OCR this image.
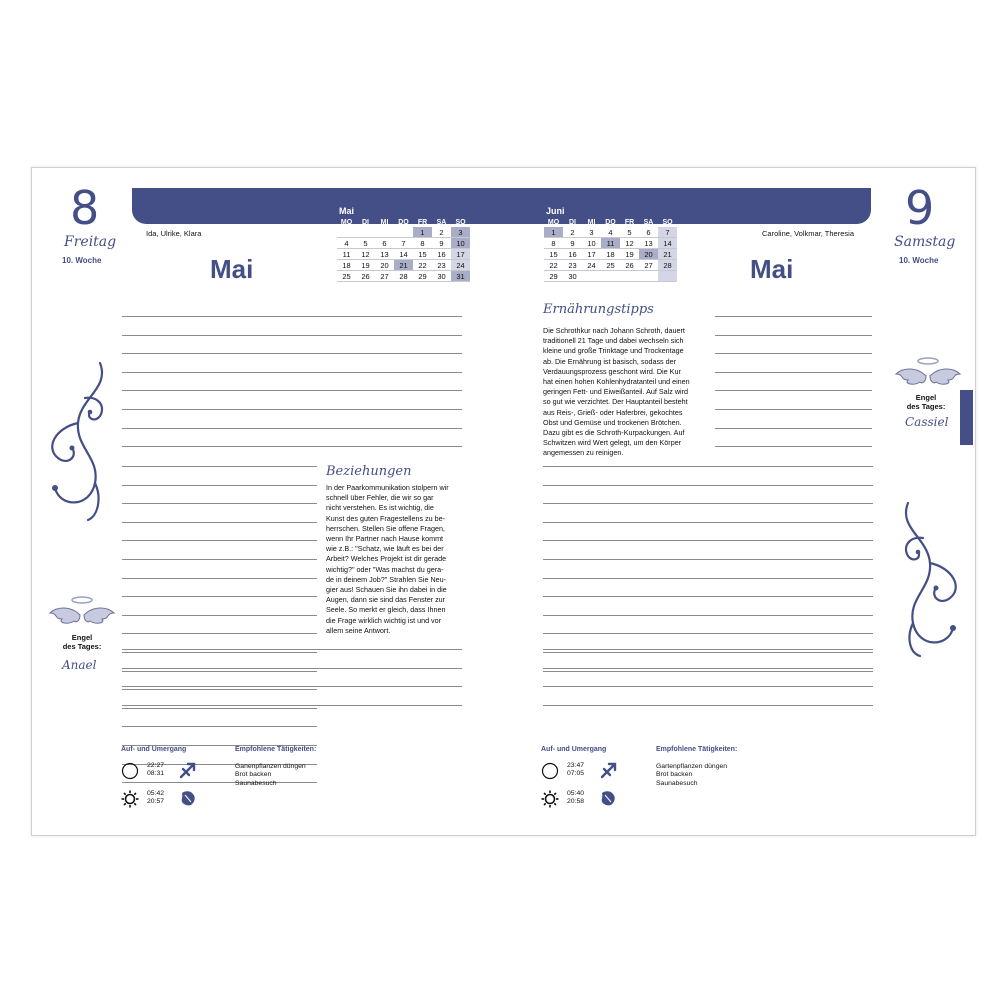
8
Freitag
10. Woche
Ida, Ulrike, Klara
Mai
Mai
MO	DI	MI	DO	FR	SA	SO
				1	2	3
4	5	6	7	8	9	10
11	12	13	14	15	16	17
18	19	20	21	22	23	24
25	26	27	28	29	30	31
Beziehungen
In der Paarkommunikation stolpern wir
schnell über Fehler, die wir so gar
nicht verstehen. Es ist wichtig, die
Kunst des guten Fragestellens zu be-
herrschen. Stellen Sie offene Fragen,
wenn Ihr Partner nach Hause kommt
wie z.B.: "Schatz, wie läuft es bei der
Arbeit? Welches Projekt ist dir gerade
wichtig?" oder "Was machst du gera-
de in deinem Job?" Strahlen Sie Neu-
gier aus! Schauen Sie ihn dabei in die
Augen, dann sie sind das Fenster zur
Seele. So merkt er gleich, dass Ihnen
die Frage wirklich wichtig ist und vor
allem seine Antwort.
Engel
des Tages:
Anael
Auf- und Umergang
22:27
08:31
05:42
20:57
Empfohlene Tätigkeiten:
Ganenpflanzen düngen
Brot backen
Saunabesuch
9
Samstag
10. Woche
Caroline, Volkmar, Theresia
Mai
Juni
MO	DI	MI	DO	FR	SA	SO
1	2	3	4	5	6	7
8	9	10	11	12	13	14
15	16	17	18	19	20	21
22	23	24	25	26	27	28
29	30					
Ernährungstipps
Die Schrothkur nach Johann Schroth, dauert
traditionell 21 Tage und dabei wechseln sich
kleine und große Trinktage und Trockentage
ab. Die Ernährung ist basisch, sodass der
Verdauungsprozess geschont wird. Die Kur
hat einen hohen Kohlenhydratanteil und einen
geringen Fett- und Eiweißanteil. Auf Salz wird
so gut wie verzichtet. Der Hauptanteil besteht
aus Reis-, Grieß- oder Haferbrei, gekochtes
Obst und Gemüse und trockenen Brötchen.
Dazu gibt es die Schroth-Kurpackungen. Auf
Schwitzen wird Wert gelegt, um den Körper
angemessen zu reinigen.
Engel
des Tages:
Cassiel
Auf- und Umergang
23:47
07:05
05:40
20:58
Empfohlene Tätigkeiten:
Gartenpflanzen düngen
Brot backen
Saunabesuch
